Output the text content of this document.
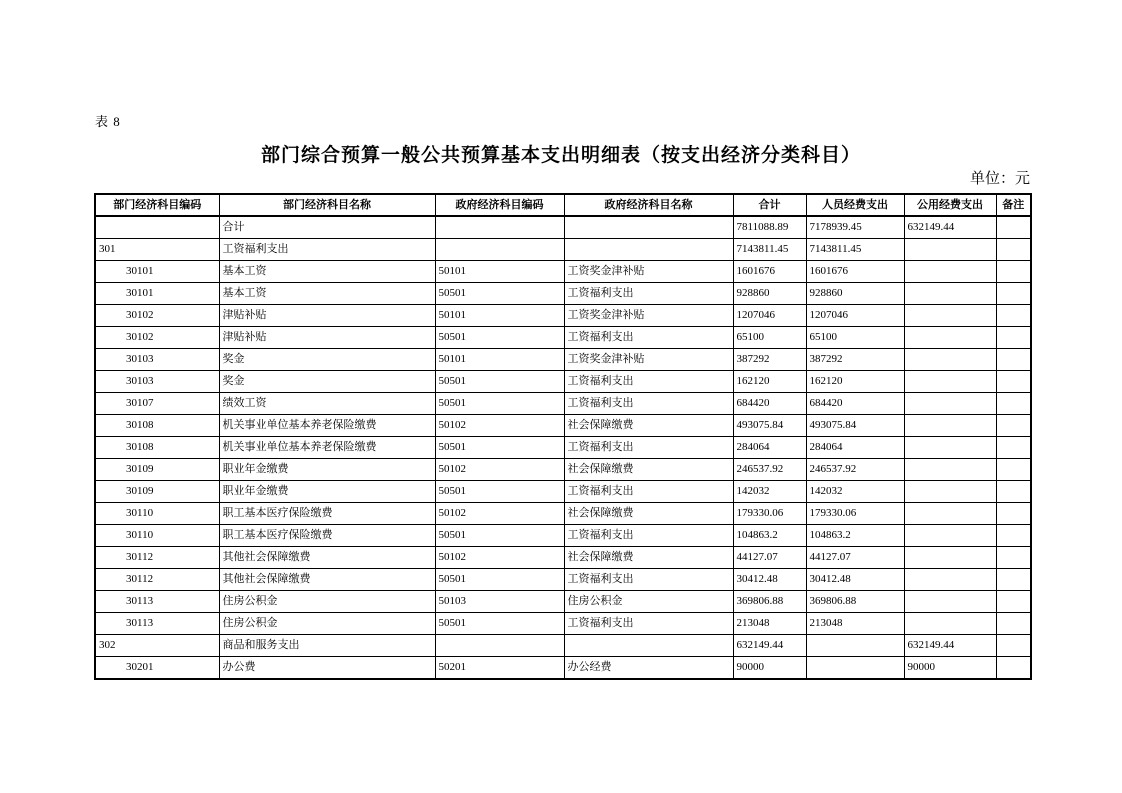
表 8
部门综合预算一般公共预算基本支出明细表（按支出经济分类科目）
单位：元
部门经济科目编码	部门经济科目名称	政府经济科目编码	政府经济科目名称	合计	人员经费支出	公用经费支出	备注
	合计			7811088.89	7178939.45	632149.44	
301	工资福利支出			7143811.45	7143811.45		
30101	基本工资	50101	工资奖金津补贴	1601676	1601676		
30101	基本工资	50501	工资福利支出	928860	928860		
30102	津贴补贴	50101	工资奖金津补贴	1207046	1207046		
30102	津贴补贴	50501	工资福利支出	65100	65100		
30103	奖金	50101	工资奖金津补贴	387292	387292		
30103	奖金	50501	工资福利支出	162120	162120		
30107	绩效工资	50501	工资福利支出	684420	684420		
30108	机关事业单位基本养老保险缴费	50102	社会保障缴费	493075.84	493075.84		
30108	机关事业单位基本养老保险缴费	50501	工资福利支出	284064	284064		
30109	职业年金缴费	50102	社会保障缴费	246537.92	246537.92		
30109	职业年金缴费	50501	工资福利支出	142032	142032		
30110	职工基本医疗保险缴费	50102	社会保障缴费	179330.06	179330.06		
30110	职工基本医疗保险缴费	50501	工资福利支出	104863.2	104863.2		
30112	其他社会保障缴费	50102	社会保障缴费	44127.07	44127.07		
30112	其他社会保障缴费	50501	工资福利支出	30412.48	30412.48		
30113	住房公积金	50103	住房公积金	369806.88	369806.88		
30113	住房公积金	50501	工资福利支出	213048	213048		
302	商品和服务支出			632149.44		632149.44	
30201	办公费	50201	办公经费	90000		90000	
